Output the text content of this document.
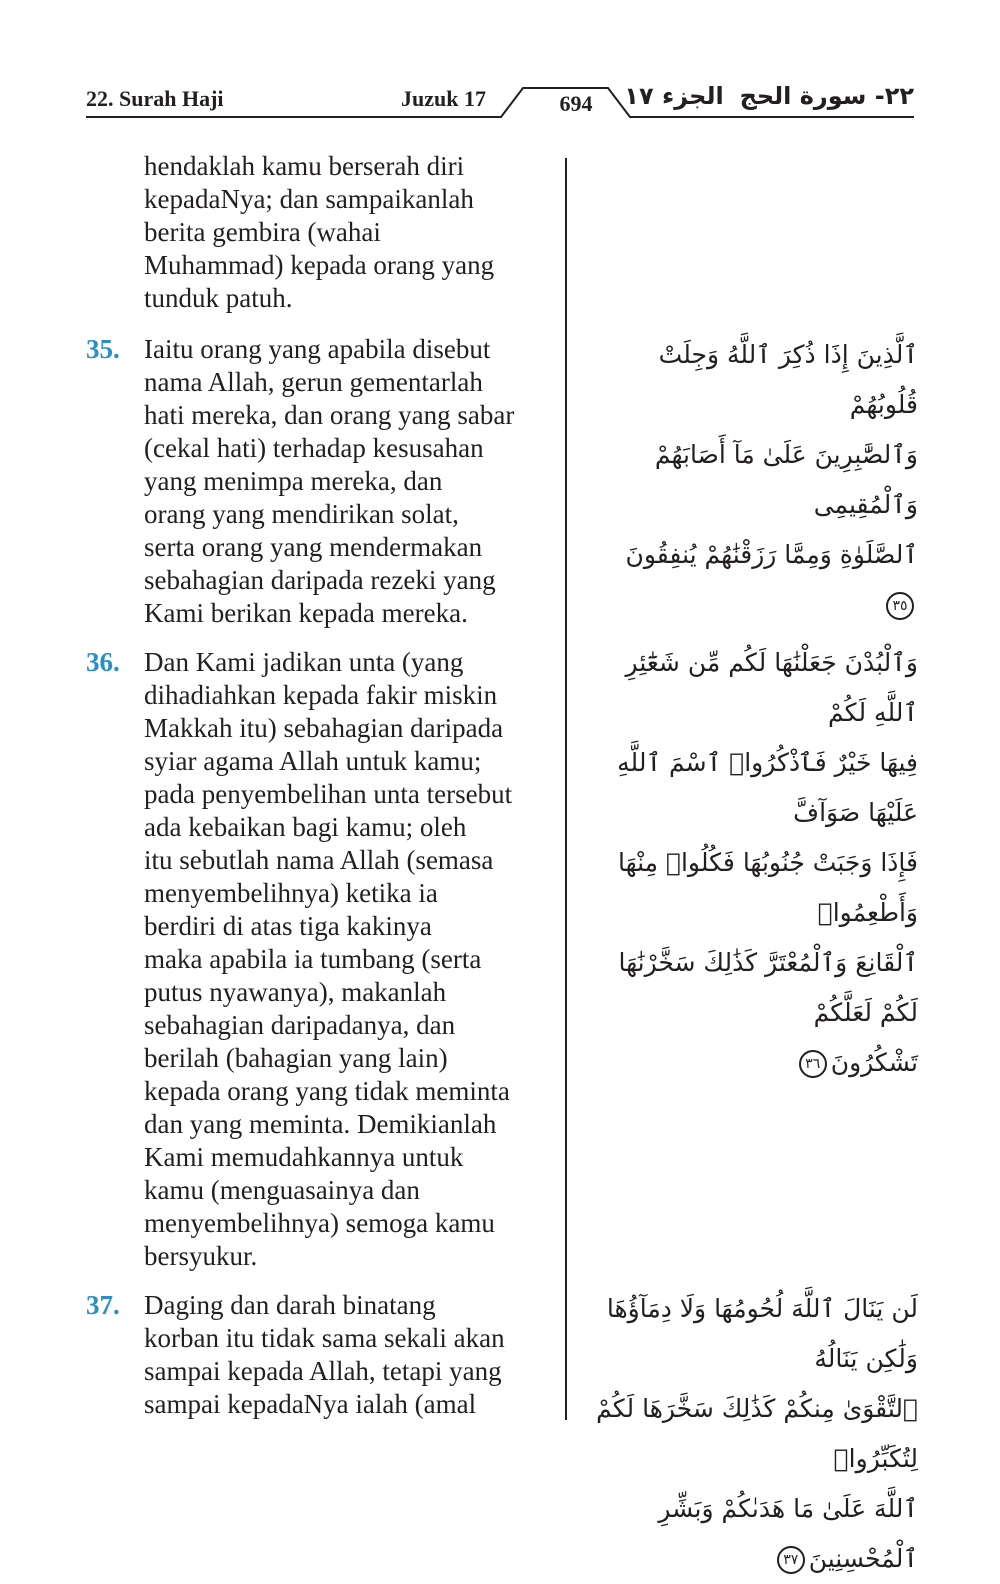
22. Surah Haji	Juzuk 17	694	الجزء ١٧ ٢٢- سورة الحج
hendaklah kamu berserah diri
kepadaNya; dan sampaikanlah
berita gembira (wahai
Muhammad) kepada orang yang
tunduk patuh.
35. Iaitu orang yang apabila disebut
nama Allah, gerun gementarlah
hati mereka, dan orang yang sabar
(cekal hati) terhadap kesusahan
yang menimpa mereka, dan
orang yang mendirikan solat,
serta orang yang mendermakan
sebahagian daripada rezeki yang
Kami berikan kepada mereka.
36. Dan Kami jadikan unta (yang
dihadiahkan kepada fakir miskin
Makkah itu) sebahagian daripada
syiar agama Allah untuk kamu;
pada penyembelihan unta tersebut
ada kebaikan bagi kamu; oleh
itu sebutlah nama Allah (semasa
menyembelihnya) ketika ia
berdiri di atas tiga kakinya
maka apabila ia tumbang (serta
putus nyawanya), makanlah
sebahagian daripadanya, dan
berilah (bahagian yang lain)
kepada orang yang tidak meminta
dan yang meminta. Demikianlah
Kami memudahkannya untuk
kamu (menguasainya dan
menyembelihnya) semoga kamu
bersyukur.
37. Daging dan darah binatang
korban itu tidak sama sekali akan
sampai kepada Allah, tetapi yang
sampai kepadaNya ialah (amal
ٱلَّذِينَ إِذَا ذُكِرَ ٱللَّهُ وَجِلَتْ قُلُوبُهُمْ
وَٱلصَّٰبِرِينَ عَلَىٰ مَآ أَصَابَهُمْ وَٱلْمُقِيمِى
ٱلصَّلَوٰةِ وَمِمَّا رَزَقْنَٰهُمْ يُنفِقُونَ٣٥
وَٱلْبُدْنَ جَعَلْنَٰهَا لَكُم مِّن شَعَٰٓئِرِ ٱللَّهِ لَكُمْ
فِيهَا خَيْرٌ فَٱذْكُرُوا۟ ٱسْمَ ٱللَّهِ عَلَيْهَا صَوَآفَّ
فَإِذَا وَجَبَتْ جُنُوبُهَا فَكُلُوا۟ مِنْهَا وَأَطْعِمُوا۟
ٱلْقَانِعَ وَٱلْمُعْتَرَّ كَذَٰلِكَ سَخَّرْنَٰهَا لَكُمْ لَعَلَّكُمْ
تَشْكُرُونَ٣٦
لَن يَنَالَ ٱللَّهَ لُحُومُهَا وَلَا دِمَآؤُهَا وَلَٰكِن يَنَالُهُ
ٱلتَّقْوَىٰ مِنكُمْ كَذَٰلِكَ سَخَّرَهَا لَكُمْ لِتُكَبِّرُوا۟
ٱللَّهَ عَلَىٰ مَا هَدَىٰكُمْ وَبَشِّرِ ٱلْمُحْسِنِينَ٣٧
